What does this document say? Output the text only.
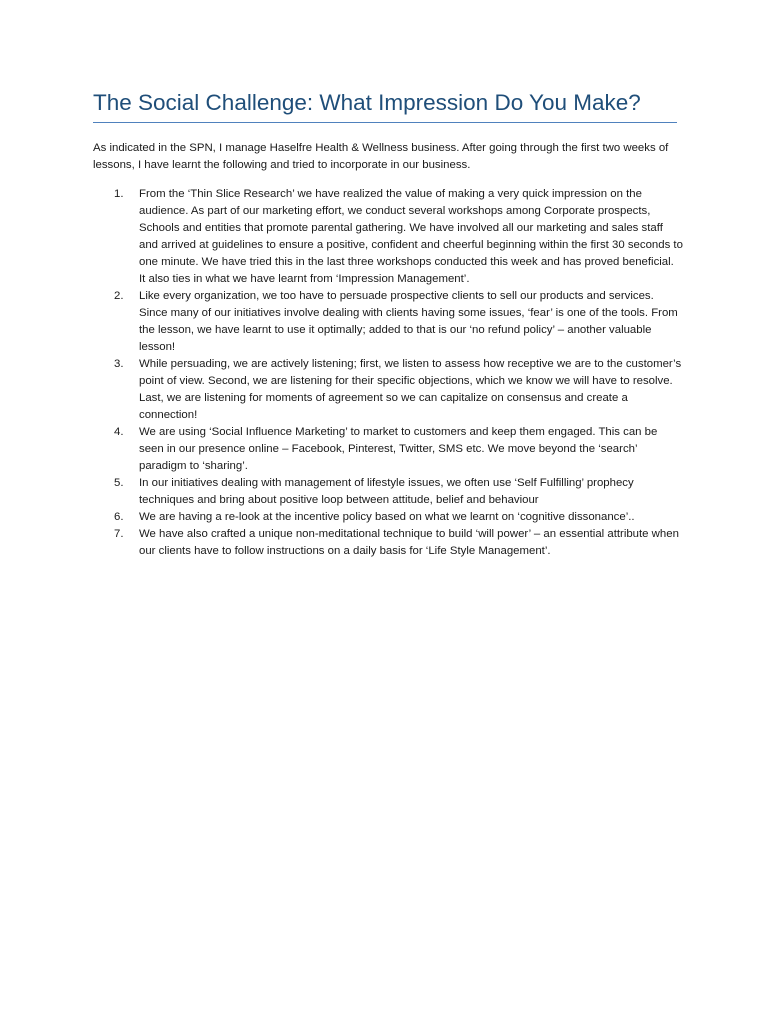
The Social Challenge: What Impression Do You Make?

As indicated in the SPN, I manage Haselfre Health & Wellness business. After going through the first two weeks of lessons, I have learnt the following and tried to incorporate in our business.

1. From the ‘Thin Slice Research’ we have realized the value of making a very quick impression on the audience. As part of our marketing effort, we conduct several workshops among Corporate prospects, Schools and entities that promote parental gathering. We have involved all our marketing and sales staff and arrived at guidelines to ensure a positive, confident and cheerful beginning within the first 30 seconds to one minute. We have tried this in the last three workshops conducted this week and has proved beneficial. It also ties in what we have learnt from ‘Impression Management’.
2. Like every organization, we too have to persuade prospective clients to sell our products and services. Since many of our initiatives involve dealing with clients having some issues, ‘fear’ is one of the tools. From the lesson, we have learnt to use it optimally; added to that is our ‘no refund policy’ – another valuable lesson!
3. While persuading, we are actively listening; first, we listen to assess how receptive we are to the customer’s point of view. Second, we are listening for their specific objections, which we know we will have to resolve. Last, we are listening for moments of agreement so we can capitalize on consensus and create a connection!
4. We are using ‘Social Influence Marketing’ to market to customers and keep them engaged. This can be seen in our presence online – Facebook, Pinterest, Twitter, SMS etc. We move beyond the ‘search’ paradigm to ‘sharing’.
5. In our initiatives dealing with management of lifestyle issues, we often use ‘Self Fulfilling’ prophecy techniques and bring about positive loop between attitude, belief and behaviour
6. We are having a re-look at the incentive policy based on what we learnt on ‘cognitive dissonance’..
7. We have also crafted a unique non-meditational technique to build ‘will power’ – an essential attribute when our clients have to follow instructions on a daily basis for ‘Life Style Management’.
